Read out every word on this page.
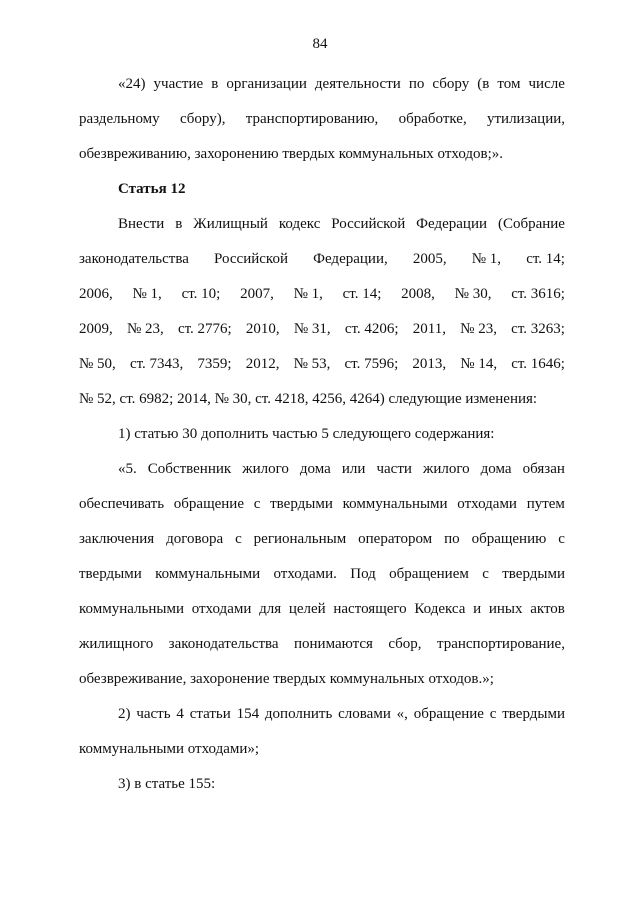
84
«24) участие в организации деятельности по сбору (в том числе
раздельному сбору), транспортированию, обработке, утилизации,
обезвреживанию, захоронению твердых коммунальных отходов;».
Статья 12
Внести в Жилищный кодекс Российской Федерации (Собрание
законодательства Российской Федерации, 2005, № 1, ст. 14;
2006, № 1, ст. 10; 2007, № 1, ст. 14; 2008, № 30, ст. 3616;
2009, № 23, ст. 2776; 2010, № 31, ст. 4206; 2011, № 23, ст. 3263;
№ 50, ст. 7343, 7359; 2012, № 53, ст. 7596; 2013, № 14, ст. 1646;
№ 52, ст. 6982; 2014, № 30, ст. 4218, 4256, 4264) следующие изменения:
1) статью 30 дополнить частью 5 следующего содержания:
«5. Собственник жилого дома или части жилого дома обязан
обеспечивать обращение с твердыми коммунальными отходами путем
заключения договора с региональным оператором по обращению с
твердыми коммунальными отходами. Под обращением с твердыми
коммунальными отходами для целей настоящего Кодекса и иных актов
жилищного законодательства понимаются сбор, транспортирование,
обезвреживание, захоронение твердых коммунальных отходов.»;
2) часть 4 статьи 154 дополнить словами «, обращение с твердыми
коммунальными отходами»;
3) в статье 155:
